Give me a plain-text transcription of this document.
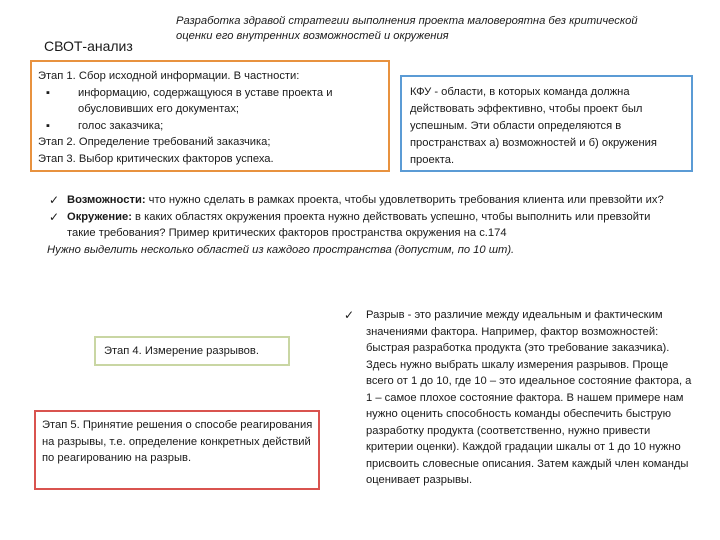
СВОТ-анализ
Разработка здравой стратегии выполнения проекта маловероятна без критической оценки его внутренних возможностей и окружения
Этап 1. Сбор исходной информации. В частности:
▪	информацию, содержащуюся в уставе проекта и обусловивших его документах;
▪	голос заказчика;
Этап 2. Определение требований заказчика;
Этап 3. Выбор критических факторов успеха.
КФУ - области, в которых команда должна действовать эффективно, чтобы проект был успешным. Эти области определяются в пространствах а) возможностей и б) окружения проекта.
✓ Возможности: что нужно сделать в рамках проекта, чтобы удовлетворить требования клиента или превзойти их?
✓ Окружение: в каких областях окружения проекта нужно действовать успешно, чтобы выполнить или превзойти такие требования? Пример критических факторов пространства окружения на с.174
Нужно выделить несколько областей из каждого пространства (допустим, по 10 шт).
Этап 4. Измерение разрывов.
Этап 5. Принятие решения о способе реагирования на разрывы, т.е. определение конкретных действий по реагированию на разрыв.
✓	Разрыв - это различие между идеальным и фактическим значениями фактора. Например, фактор возможностей: быстрая разработка продукта (это требование заказчика). Здесь нужно выбрать шкалу измерения разрывов. Проще всего от 1 до 10, где 10 – это идеальное состояние фактора, а 1 – самое плохое состояние фактора. В нашем примере нам нужно оценить способность команды обеспечить быструю разработку продукта (соответственно, нужно привести критерии оценки). Каждой градации шкалы от 1 до 10 нужно присвоить словесные описания. Затем каждый член команды оценивает разрывы.
